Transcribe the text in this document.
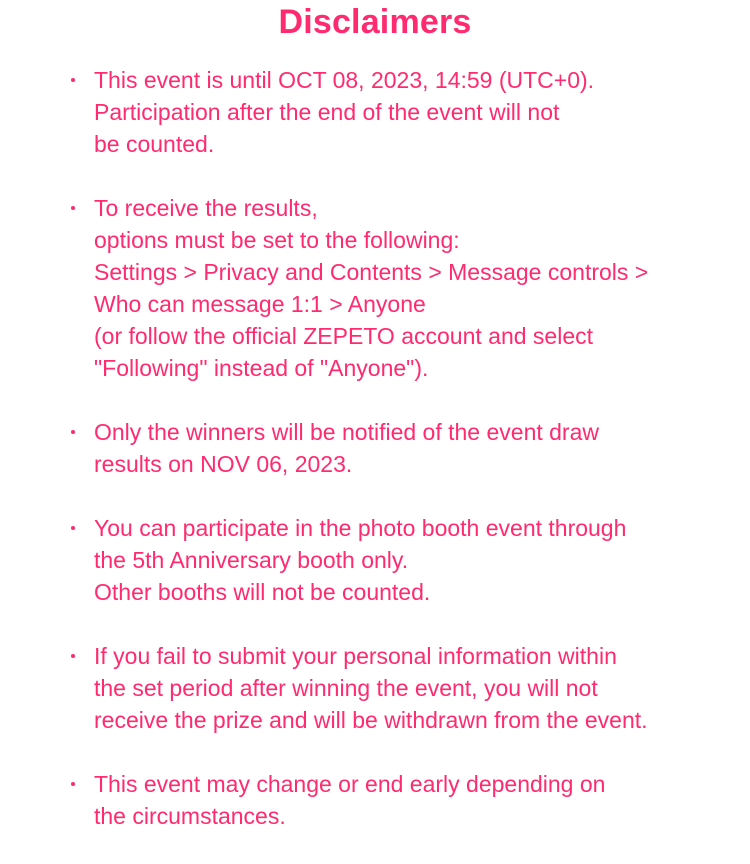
Disclaimers
This event is until OCT 08, 2023, 14:59 (UTC+0).
Participation after the end of the event will not
be counted.
To receive the results,
options must be set to the following:
Settings > Privacy and Contents > Message controls >
Who can message 1:1 > Anyone
(or follow the official ZEPETO account and select
"Following" instead of "Anyone").
Only the winners will be notified of the event draw
results on NOV 06, 2023.
You can participate in the photo booth event through
the 5th Anniversary booth only.
Other booths will not be counted.
If you fail to submit your personal information within
the set period after winning the event, you will not
receive the prize and will be withdrawn from the event.
This event may change or end early depending on
the circumstances.
